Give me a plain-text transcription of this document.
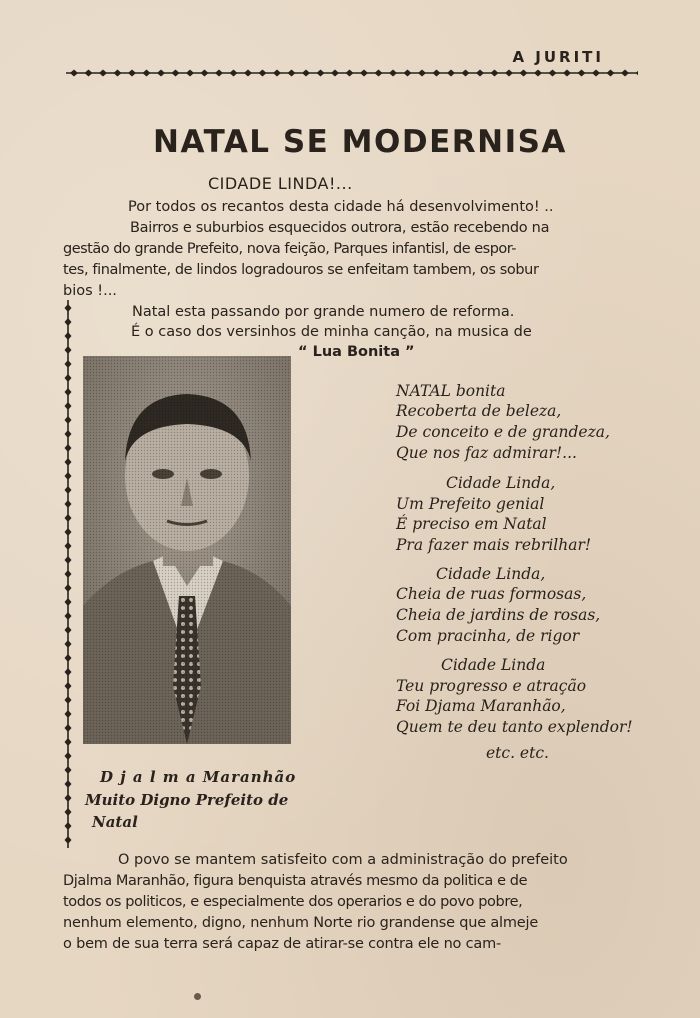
A JURITI
NATAL SE MODERNISA
CIDADE LINDA!...
Por todos os recantos desta cidade há desenvolvimento! ..
Bairros e suburbios esquecidos outrora, estão recebendo na
gestão do grande Prefeito, nova feição, Parques infantisl, de espor-
tes, finalmente, de lindos logradouros se enfeitam tambem, os sobur
bios !...
Natal esta passando por grande numero de reforma.
É o caso dos versinhos de minha canção, na musica de
“ Lua Bonita ”
D j a l m a Maranhão
Muito Digno Prefeito de
Natal
NATAL bonita
Recoberta de beleza,
De conceito e de grandeza,
Que nos faz admirar!...
Cidade Linda,
Um Prefeito genial
É preciso em Natal
Pra fazer mais rebrilhar!
Cidade Linda,
Cheia de ruas formosas,
Cheia de jardins de rosas,
Com pracinha, de rigor
Cidade Linda
Teu progresso e atração
Foi Djama Maranhão,
Quem te deu tanto explendor!
etc. etc.
O povo se mantem satisfeito com a administração do prefeito
Djalma Maranhão, figura benquista através mesmo da politica e de
todos os politicos, e especialmente dos operarios e do povo pobre,
nenhum elemento, digno, nenhum Norte rio grandense que almeje
o bem de sua terra será capaz de atirar-se contra ele no cam-
